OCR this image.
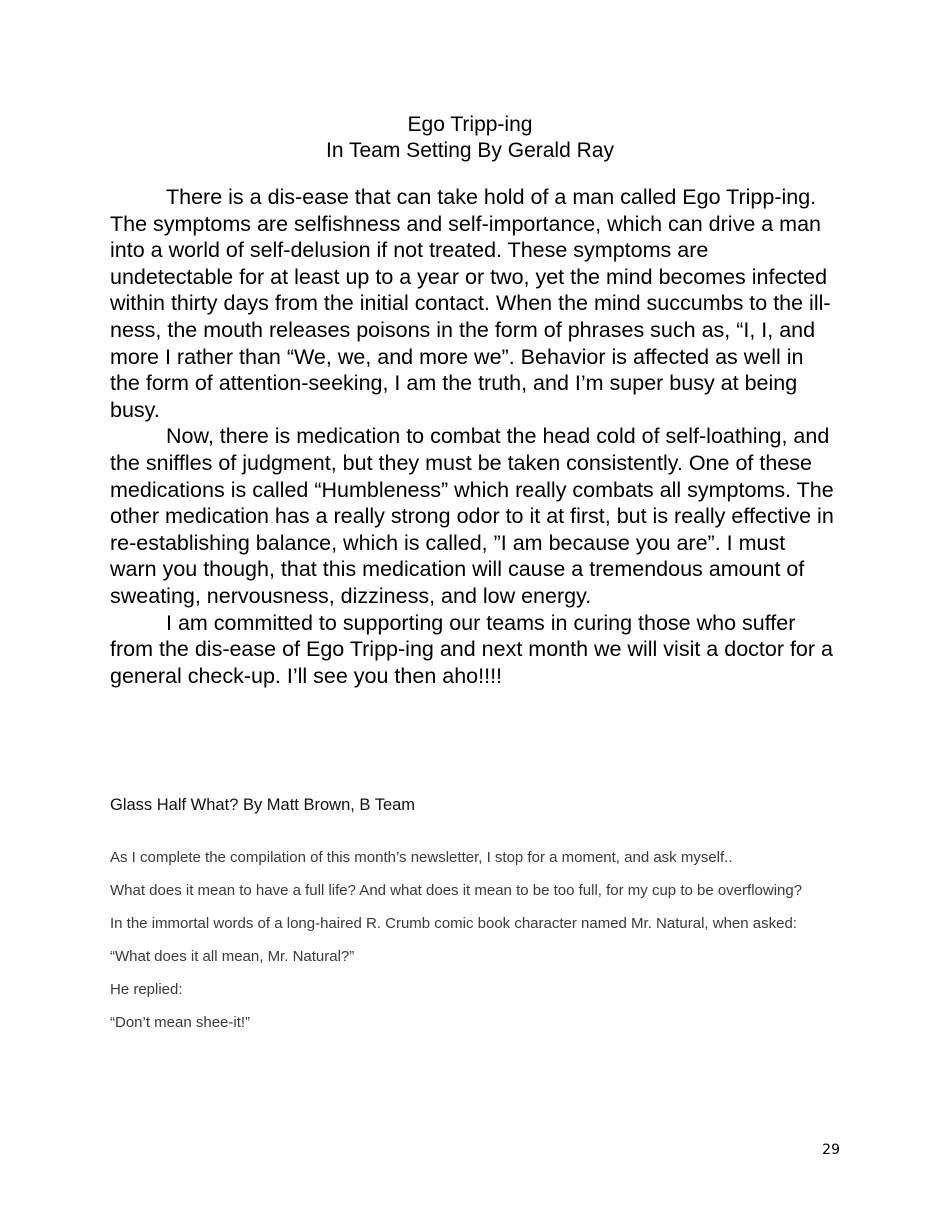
Ego Tripp-ing
In Team Setting By Gerald Ray

There is a dis-ease that can take hold of a man called Ego Tripp-ing. The symptoms are selfishness and self-importance, which can drive a man into a world of self-delusion if not treated. These symptoms are undetectable for at least up to a year or two, yet the mind becomes infected within thirty days from the initial contact. When the mind succumbs to the ill-ness, the mouth releases poisons in the form of phrases such as, “I, I, and more I rather than “We, we, and more we”. Behavior is affected as well in the form of attention-seeking, I am the truth, and I’m super busy at being busy.

Now, there is medication to combat the head cold of self-loathing, and the sniffles of judgment, but they must be taken consistently. One of these medications is called “Humbleness” which really combats all symptoms. The other medication has a really strong odor to it at first, but is really effective in re-establishing balance, which is called, ”I am because you are”. I must warn you though, that this medication will cause a tremendous amount of sweating, nervousness, dizziness, and low energy.

I am committed to supporting our teams in curing those who suffer from the dis-ease of Ego Tripp-ing and next month we will visit a doctor for a general check-up. I’ll see you then aho!!!!

Glass Half What? By Matt Brown, B Team

As I complete the compilation of this month’s newsletter, I stop for a moment, and ask myself..

What does it mean to have a full life? And what does it mean to be too full, for my cup to be overflowing?

In the immortal words of a long-haired R. Crumb comic book character named Mr. Natural, when asked:

“What does it all mean, Mr. Natural?”

He replied:

“Don’t mean shee-it!”

29
